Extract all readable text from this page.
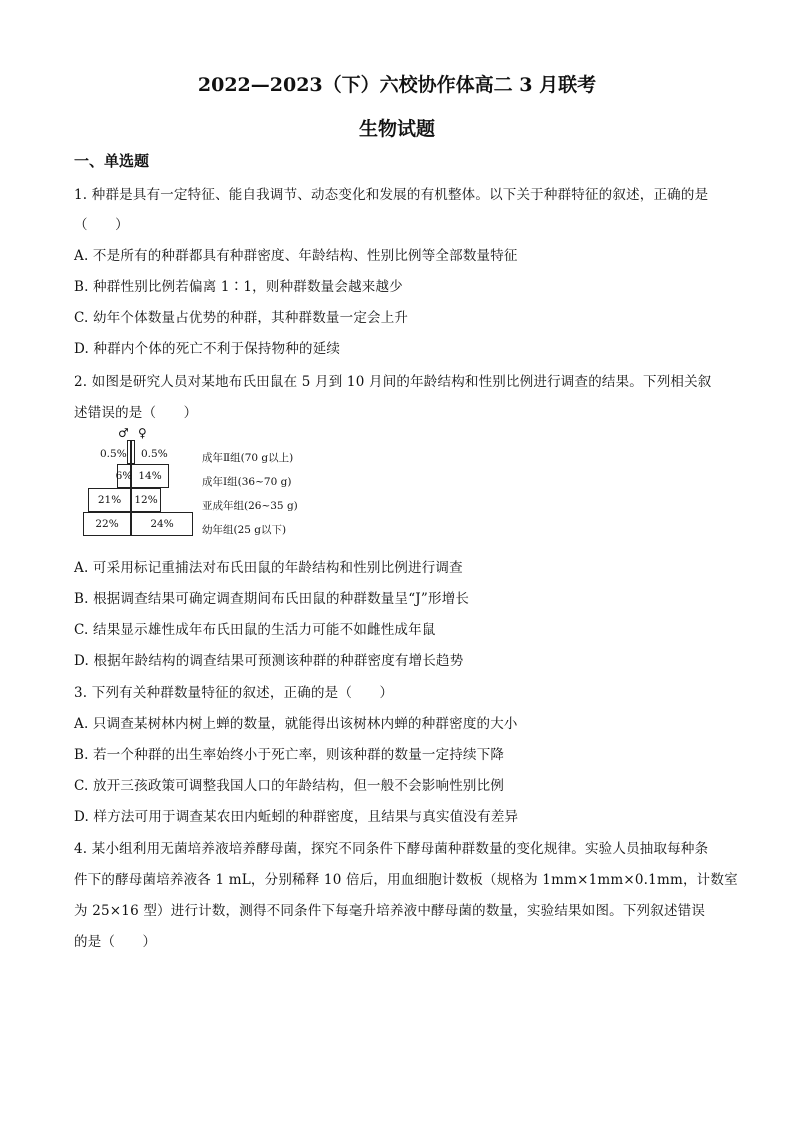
2022—2023（下）六校协作体高二 3 月联考
生物试题
一、单选题
1. 种群是具有一定特征、能自我调节、动态变化和发展的有机整体。以下关于种群特征的叙述，正确的是
（　　）
A. 不是所有的种群都具有种群密度、年龄结构、性别比例等全部数量特征
B. 种群性别比例若偏离 1∶1，则种群数量会越来越少
C. 幼年个体数量占优势的种群，其种群数量一定会上升
D. 种群内个体的死亡不利于保持物种的延续
2. 如图是研究人员对某地布氏田鼠在 5 月到 10 月间的年龄结构和性别比例进行调查的结果。下列相关叙
述错误的是（　　）
♂ ♀
0.5% 0.5%	成年Ⅱ组(70 g以上)
6% 14%	成年Ⅰ组(36~70 g)
21%	12%	亚成年组(26~35 g)
22%	24%	幼年组(25 g以下)
A. 可采用标记重捕法对布氏田鼠的年龄结构和性别比例进行调查
B. 根据调查结果可确定调查期间布氏田鼠的种群数量呈“J”形增长
C. 结果显示雄性成年布氏田鼠的生活力可能不如雌性成年鼠
D. 根据年龄结构的调查结果可预测该种群的种群密度有增长趋势
3. 下列有关种群数量特征的叙述，正确的是（　　）
A. 只调查某树林内树上蝉的数量，就能得出该树林内蝉的种群密度的大小
B. 若一个种群的出生率始终小于死亡率，则该种群的数量一定持续下降
C. 放开三孩政策可调整我国人口的年龄结构，但一般不会影响性别比例
D. 样方法可用于调查某农田内蚯蚓的种群密度，且结果与真实值没有差异
4. 某小组利用无菌培养液培养酵母菌，探究不同条件下酵母菌种群数量的变化规律。实验人员抽取每种条
件下的酵母菌培养液各 1 mL，分别稀释 10 倍后，用血细胞计数板（规格为 1mm×1mm×0.1mm，计数室
为 25×16 型）进行计数，测得不同条件下每毫升培养液中酵母菌的数量，实验结果如图。下列叙述错误
的是（　　）
